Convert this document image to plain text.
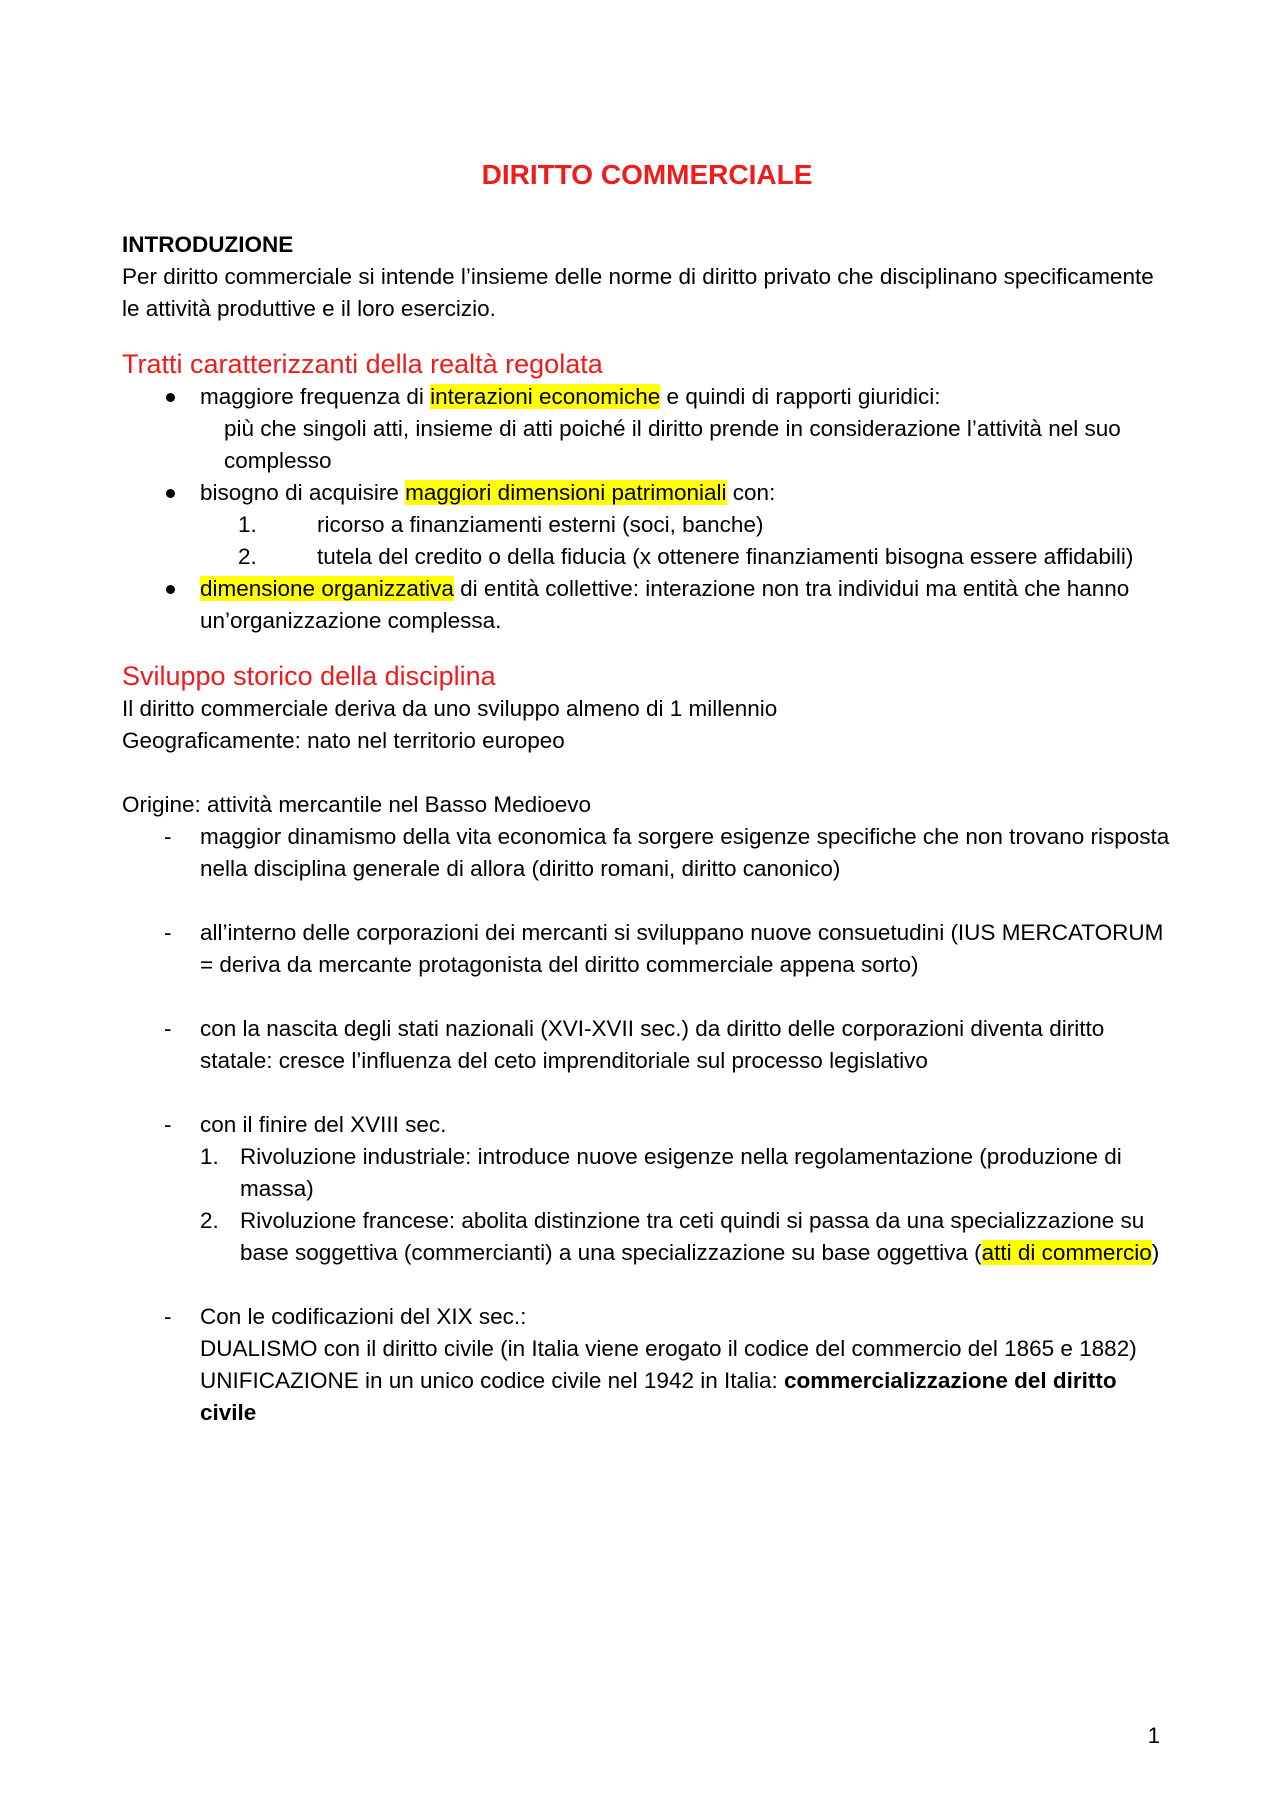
DIRITTO COMMERCIALE
INTRODUZIONE

Per diritto commerciale si intende l’insieme delle norme di diritto privato che disciplinano specificamente le attività produttive e il loro esercizio.

Tratti caratterizzanti della realtà regolata
maggiore frequenza di interazioni economiche e quindi di rapporti giuridici:
più che singoli atti, insieme di atti poiché il diritto prende in considerazione l’attività nel suo complesso
bisogno di acquisire maggiori dimensioni patrimoniali con:
1.	ricorso a finanziamenti esterni (soci, banche)
2.	tutela del credito o della fiducia (x ottenere finanziamenti bisogna essere affidabili)
dimensione organizzativa di entità collettive: interazione non tra individui ma entità che hanno un’organizzazione complessa.
Sviluppo storico della disciplina

Il diritto commerciale deriva da uno sviluppo almeno di 1 millennio

Geograficamente: nato nel territorio europeo

Origine: attività mercantile nel Basso Medioevo

- maggior dinamismo della vita economica fa sorgere esigenze specifiche che non trovano risposta nella disciplina generale di allora (diritto romani, diritto canonico)
- all’interno delle corporazioni dei mercanti si sviluppano nuove consuetudini (IUS MERCATORUM = deriva da mercante protagonista del diritto commerciale appena sorto)
- con la nascita degli stati nazionali (XVI-XVII sec.) da diritto delle corporazioni diventa diritto statale: cresce l’influenza del ceto imprenditoriale sul processo legislativo
- con il finire del XVIII sec.
1. Rivoluzione industriale: introduce nuove esigenze nella regolamentazione (produzione di massa)
2. Rivoluzione francese: abolita distinzione tra ceti quindi si passa da una specializzazione su base soggettiva (commercianti) a una specializzazione su base oggettiva (atti di commercio)
- Con le codificazioni del XIX sec.:
DUALISMO con il diritto civile (in Italia viene erogato il codice del commercio del 1865 e 1882)
UNIFICAZIONE in un unico codice civile nel 1942 in Italia: commercializzazione del diritto civile
1
